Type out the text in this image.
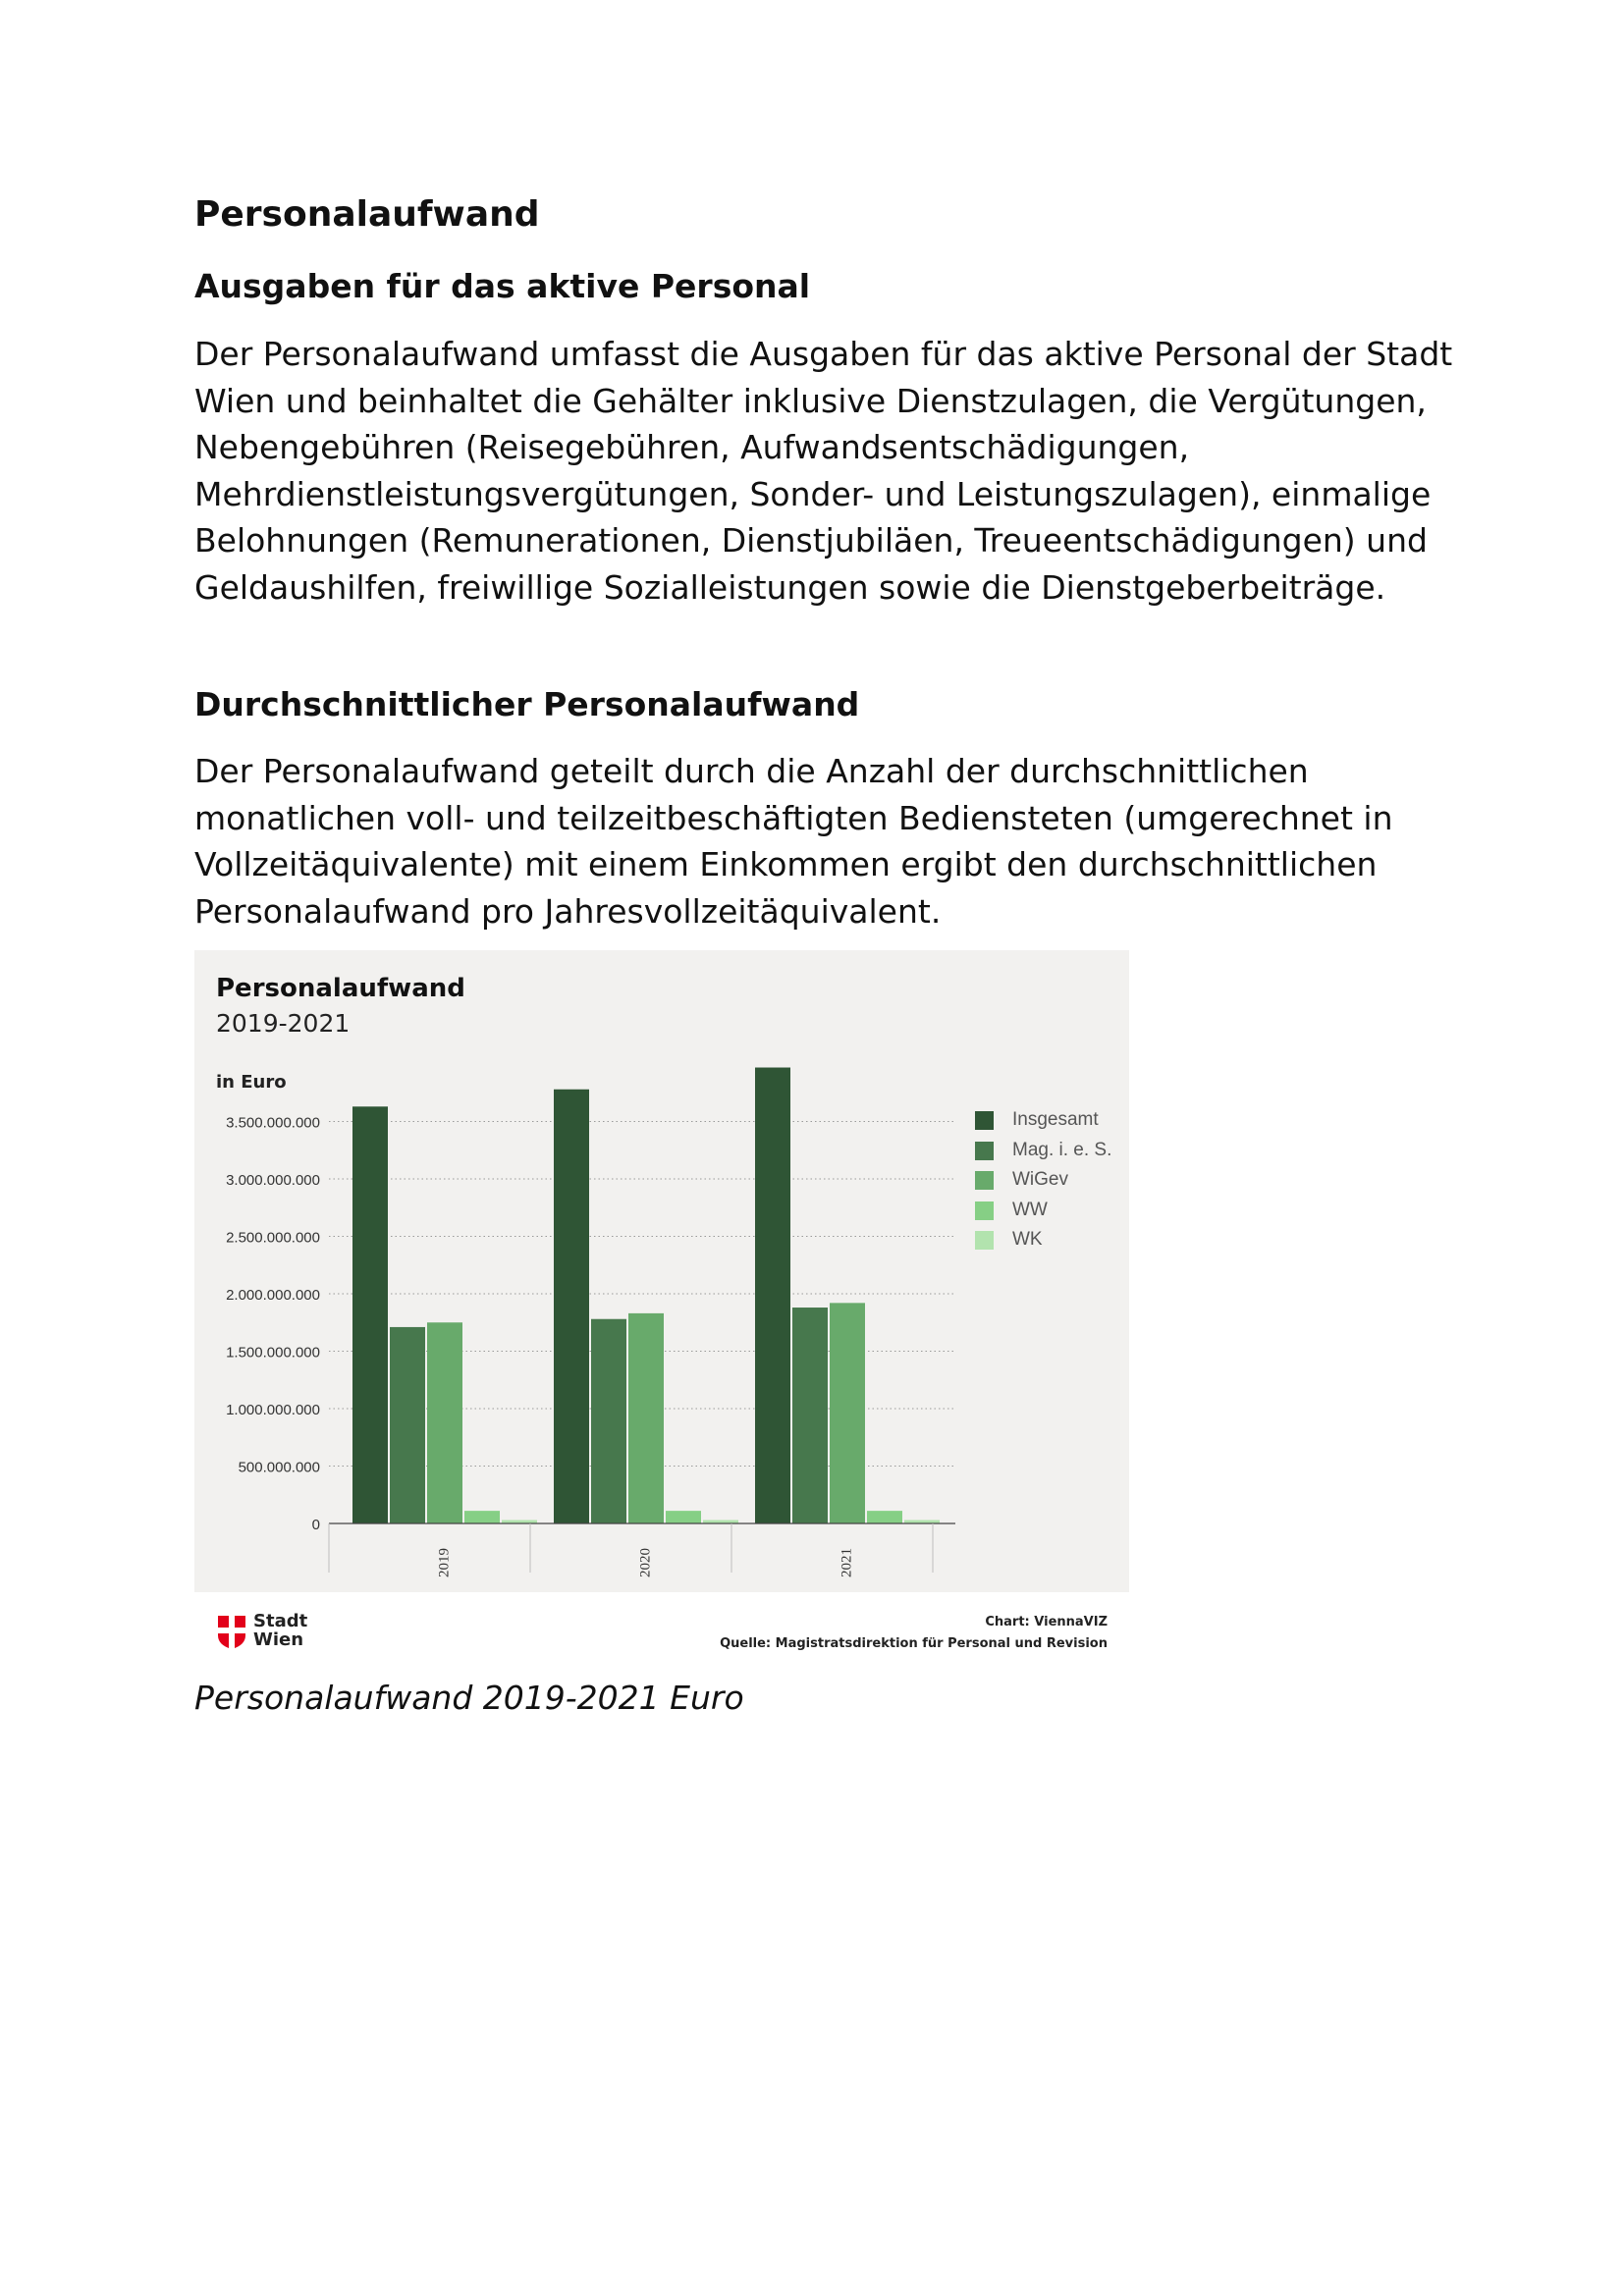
Personalaufwand
Ausgaben für das aktive Personal

Der Personalaufwand umfasst die Ausgaben für das aktive Personal der Stadt Wien und beinhaltet die Gehälter inklusive Dienstzulagen, die Vergütungen, Nebengebühren (Reisegebühren, Aufwandsentschädigungen, Mehrdienstleistungsvergütungen, Sonder- und Leistungszulagen), einmalige Belohnungen (Remunerationen, Dienstjubiläen, Treueentschädigungen) und Geldaushilfen, freiwillige Sozialleistungen sowie die Dienstgeberbeiträge.

Durchschnittlicher Personalaufwand

Der Personalaufwand geteilt durch die Anzahl der durchschnittlichen monatlichen voll- und teilzeitbeschäftigten Bediensteten (umgerechnet in Vollzeitäquivalente) mit einem Einkommen ergibt den durchschnittlichen Personalaufwand pro Jahresvollzeitäquivalent.

Personalaufwand 2019-2021 Euro

Personalaufwand
2019-2021
in Euro
0
500.000.000
1.000.000.000
1.500.000.000
2.000.000.000
2.500.000.000
3.000.000.000
3.500.000.000
2019	2020	2021
Insgesamt
Mag. i. e. S.
WiGev
WW
WK
Stadt
Wien
Chart: ViennaVIZ
Quelle: Magistratsdirektion für Personal und Revision
